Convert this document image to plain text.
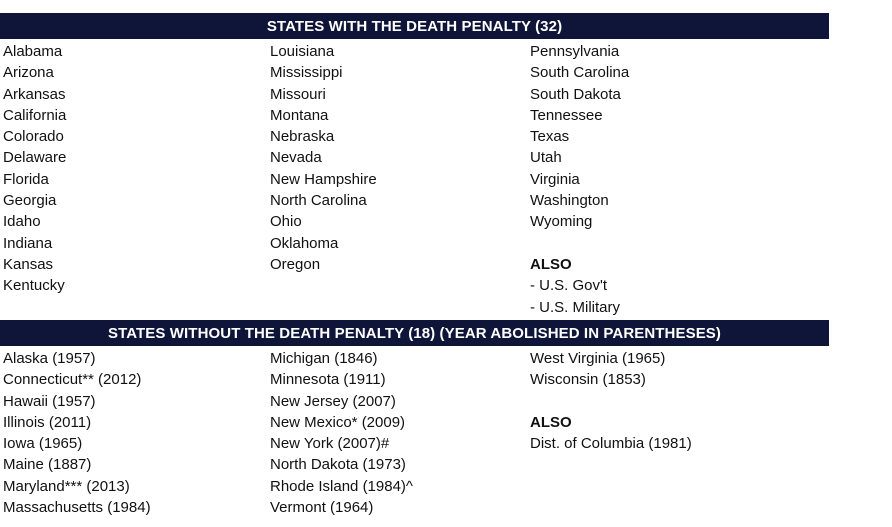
STATES WITH THE DEATH PENALTY (32)
Alabama
Arizona
Arkansas
California
Colorado
Delaware
Florida
Georgia
Idaho
Indiana
Kansas
Kentucky
Louisiana
Mississippi
Missouri
Montana
Nebraska
Nevada
New Hampshire
North Carolina
Ohio
Oklahoma
Oregon
Pennsylvania
South Carolina
South Dakota
Tennessee
Texas
Utah
Virginia
Washington
Wyoming
ALSO
- U.S. Gov't
- U.S. Military
STATES WITHOUT THE DEATH PENALTY (18) (YEAR ABOLISHED IN PARENTHESES)
Alaska (1957)
Connecticut** (2012)
Hawaii (1957)
Illinois (2011)
Iowa (1965)
Maine (1887)
Maryland*** (2013)
Massachusetts (1984)
Michigan (1846)
Minnesota (1911)
New Jersey (2007)
New Mexico* (2009)
New York (2007)#
North Dakota (1973)
Rhode Island (1984)^
Vermont (1964)
West Virginia (1965)
Wisconsin (1853)
ALSO
Dist. of Columbia (1981)
